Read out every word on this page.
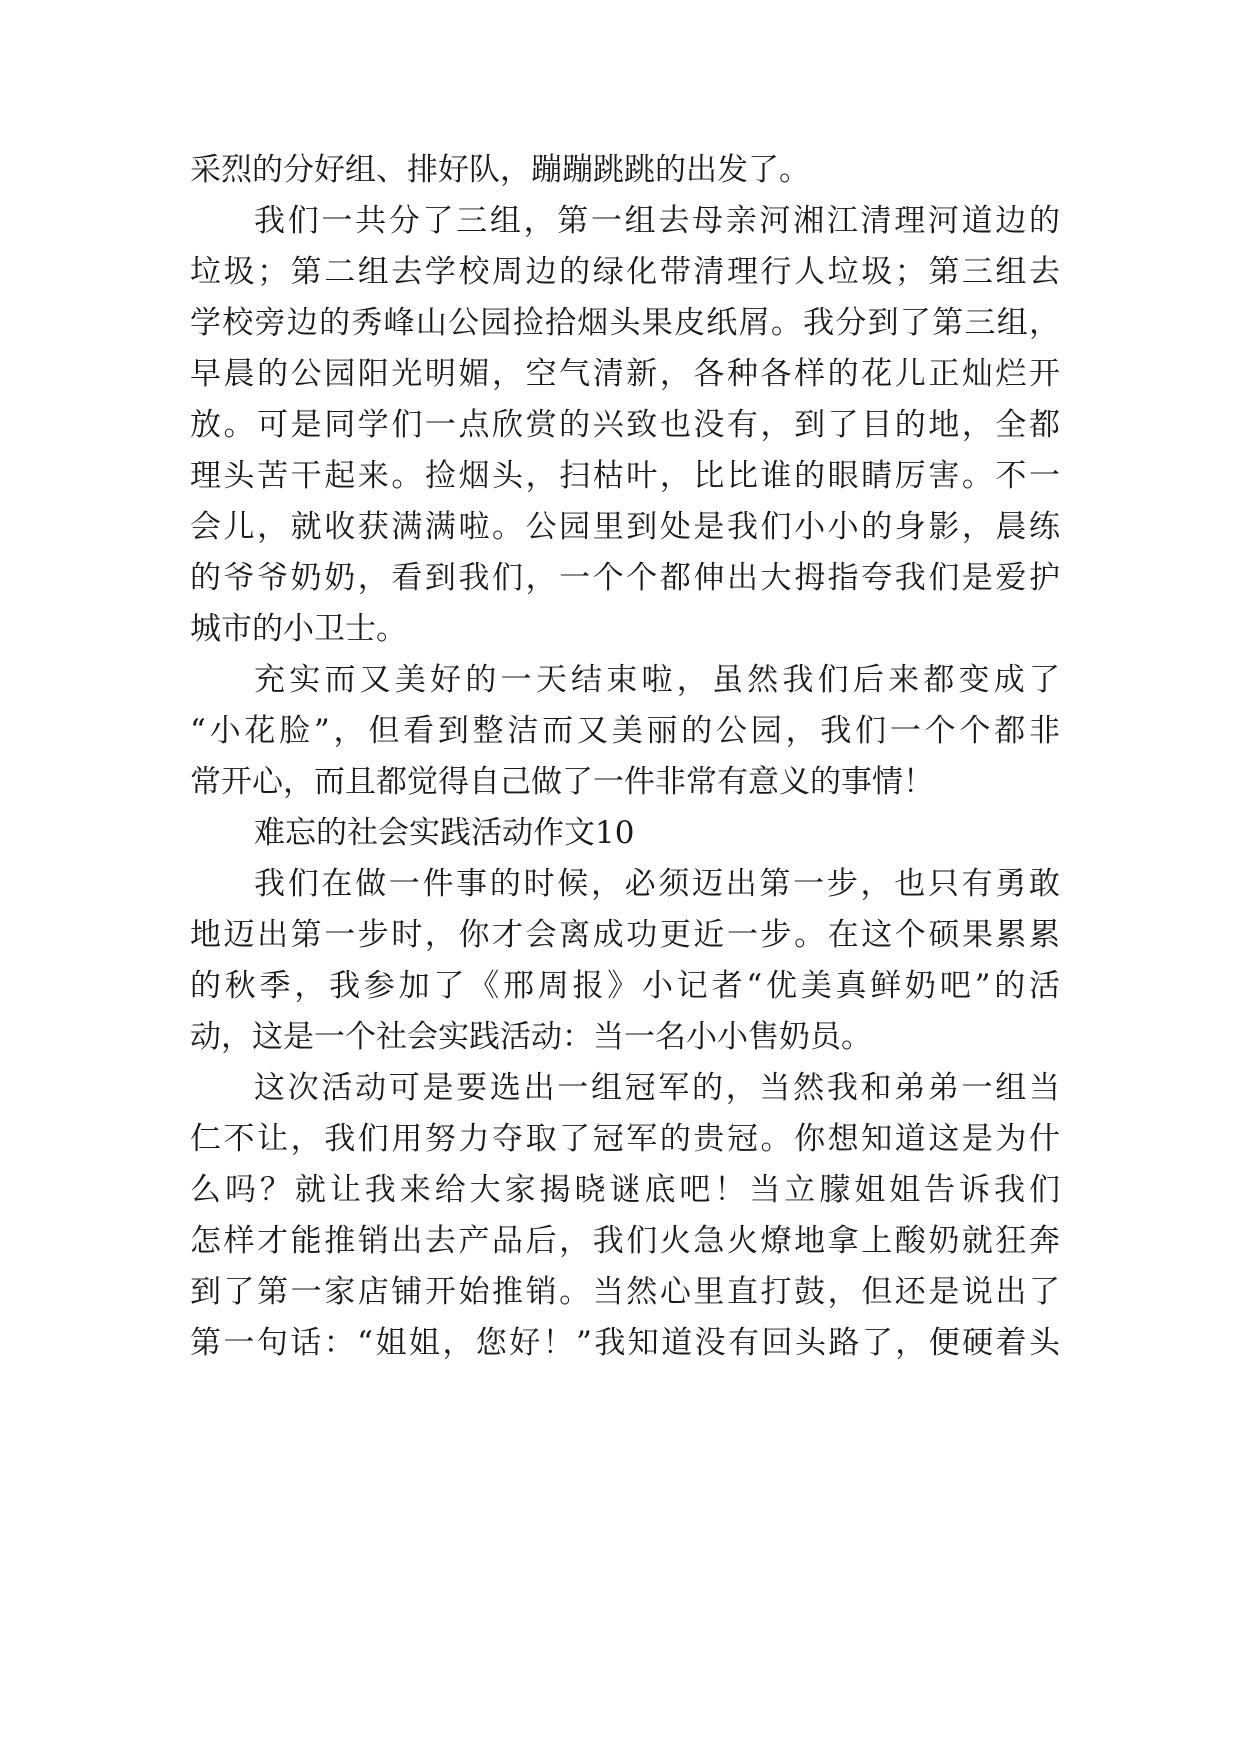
采烈的分好组、排好队，蹦蹦跳跳的出发了。
我们一共分了三组，第一组去母亲河湘江清理河道边的
垃圾；第二组去学校周边的绿化带清理行人垃圾；第三组去
学校旁边的秀峰山公园捡拾烟头果皮纸屑。我分到了第三组，
早晨的公园阳光明媚，空气清新，各种各样的花儿正灿烂开
放。可是同学们一点欣赏的兴致也没有，到了目的地，全都
理头苦干起来。捡烟头，扫枯叶，比比谁的眼睛厉害。不一
会儿，就收获满满啦。公园里到处是我们小小的身影，晨练
的爷爷奶奶，看到我们，一个个都伸出大拇指夸我们是爱护
城市的小卫士。
充实而又美好的一天结束啦，虽然我们后来都变成了
“小花脸”，但看到整洁而又美丽的公园，我们一个个都非
常开心，而且都觉得自己做了一件非常有意义的事情！
难忘的社会实践活动作文10
我们在做一件事的时候，必须迈出第一步，也只有勇敢
地迈出第一步时，你才会离成功更近一步。在这个硕果累累
的秋季，我参加了《邢周报》小记者“优美真鲜奶吧”的活
动，这是一个社会实践活动：当一名小小售奶员。
这次活动可是要选出一组冠军的，当然我和弟弟一组当
仁不让，我们用努力夺取了冠军的贵冠。你想知道这是为什
么吗？就让我来给大家揭晓谜底吧！当立朦姐姐告诉我们
怎样才能推销出去产品后，我们火急火燎地拿上酸奶就狂奔
到了第一家店铺开始推销。当然心里直打鼓，但还是说出了
第一句话：“姐姐，您好！”我知道没有回头路了，便硬着头
